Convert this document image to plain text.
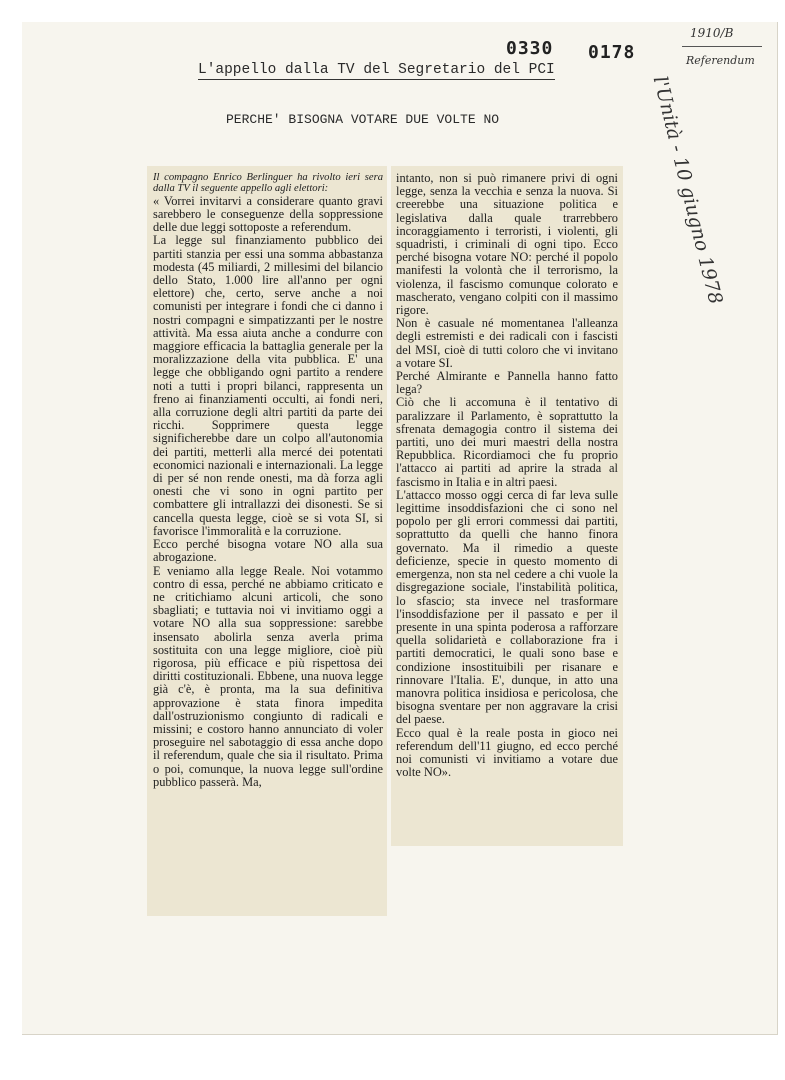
0330 0178
1910/B
Referendum
l'Unità - 10 giugno 1978
L'appello dalla TV del Segretario del PCI
PERCHE' BISOGNA VOTARE DUE VOLTE NO

Il compagno Enrico Berlinguer ha rivolto ieri sera dalla TV il seguente appello agli elettori:

« Vorrei invitarvi a considerare quanto gravi sarebbero le conseguenze della soppressione delle due leggi sottoposte a referendum.

La legge sul finanziamento pubblico dei partiti stanzia per essi una somma abbastanza modesta (45 miliardi, 2 millesimi del bilancio dello Stato, 1.000 lire all'anno per ogni elettore) che, certo, serve anche a noi comunisti per integrare i fondi che ci danno i nostri compagni e simpatizzanti per le nostre attività. Ma essa aiuta anche a condurre con maggiore efficacia la battaglia generale per la moralizzazione della vita pubblica. E' una legge che obbligando ogni partito a rendere noti a tutti i propri bilanci, rappresenta un freno ai finanziamenti occulti, ai fondi neri, alla corruzione degli altri partiti da parte dei ricchi. Sopprimere questa legge significherebbe dare un colpo all'autonomia dei partiti, metterli alla mercé dei potentati economici nazionali e internazionali. La legge di per sé non rende onesti, ma dà forza agli onesti che vi sono in ogni partito per combattere gli intrallazzi dei disonesti. Se si cancella questa legge, cioè se si vota SI, si favorisce l'immoralità e la corruzione.

Ecco perché bisogna votare NO alla sua abrogazione.

E veniamo alla legge Reale. Noi votammo contro di essa, perché ne abbiamo criticato e ne critichiamo alcuni articoli, che sono sbagliati; e tuttavia noi vi invitiamo oggi a votare NO alla sua soppressione: sarebbe insensato abolirla senza averla prima sostituita con una legge migliore, cioè più rigorosa, più efficace e più rispettosa dei diritti costituzionali. Ebbene, una nuova legge già c'è, è pronta, ma la sua definitiva approvazione è stata finora impedita dall'ostruzionismo congiunto di radicali e missini; e costoro hanno annunciato di voler proseguire nel sabotaggio di essa anche dopo il referendum, quale che sia il risultato. Prima o poi, comunque, la nuova legge sull'ordine pubblico passerà. Ma,

intanto, non si può rimanere privi di ogni legge, senza la vecchia e senza la nuova. Si creerebbe una situazione politica e legislativa dalla quale trarrebbero incoraggiamento i terroristi, i violenti, gli squadristi, i criminali di ogni tipo. Ecco perché bisogna votare NO: perché il popolo manifesti la volontà che il terrorismo, la violenza, il fascismo comunque colorato e mascherato, vengano colpiti con il massimo rigore.

Non è casuale né momentanea l'alleanza degli estremisti e dei radicali con i fascisti del MSI, cioè di tutti coloro che vi invitano a votare SI.

Perché Almirante e Pannella hanno fatto lega?

Ciò che li accomuna è il tentativo di paralizzare il Parlamento, è soprattutto la sfrenata demagogia contro il sistema dei partiti, uno dei muri maestri della nostra Repubblica. Ricordiamoci che fu proprio l'attacco ai partiti ad aprire la strada al fascismo in Italia e in altri paesi.

L'attacco mosso oggi cerca di far leva sulle legittime insoddisfazioni che ci sono nel popolo per gli errori commessi dai partiti, soprattutto da quelli che hanno finora governato. Ma il rimedio a queste deficienze, specie in questo momento di emergenza, non sta nel cedere a chi vuole la disgregazione sociale, l'instabilità politica, lo sfascio; sta invece nel trasformare l'insoddisfazione per il passato e per il presente in una spinta poderosa a rafforzare quella solidarietà e collaborazione fra i partiti democratici, le quali sono base e condizione insostituibili per risanare e rinnovare l'Italia. E', dunque, in atto una manovra politica insidiosa e pericolosa, che bisogna sventare per non aggravare la crisi del paese.

Ecco qual è la reale posta in gioco nei referendum dell'11 giugno, ed ecco perché noi comunisti vi invitiamo a votare due volte NO».
